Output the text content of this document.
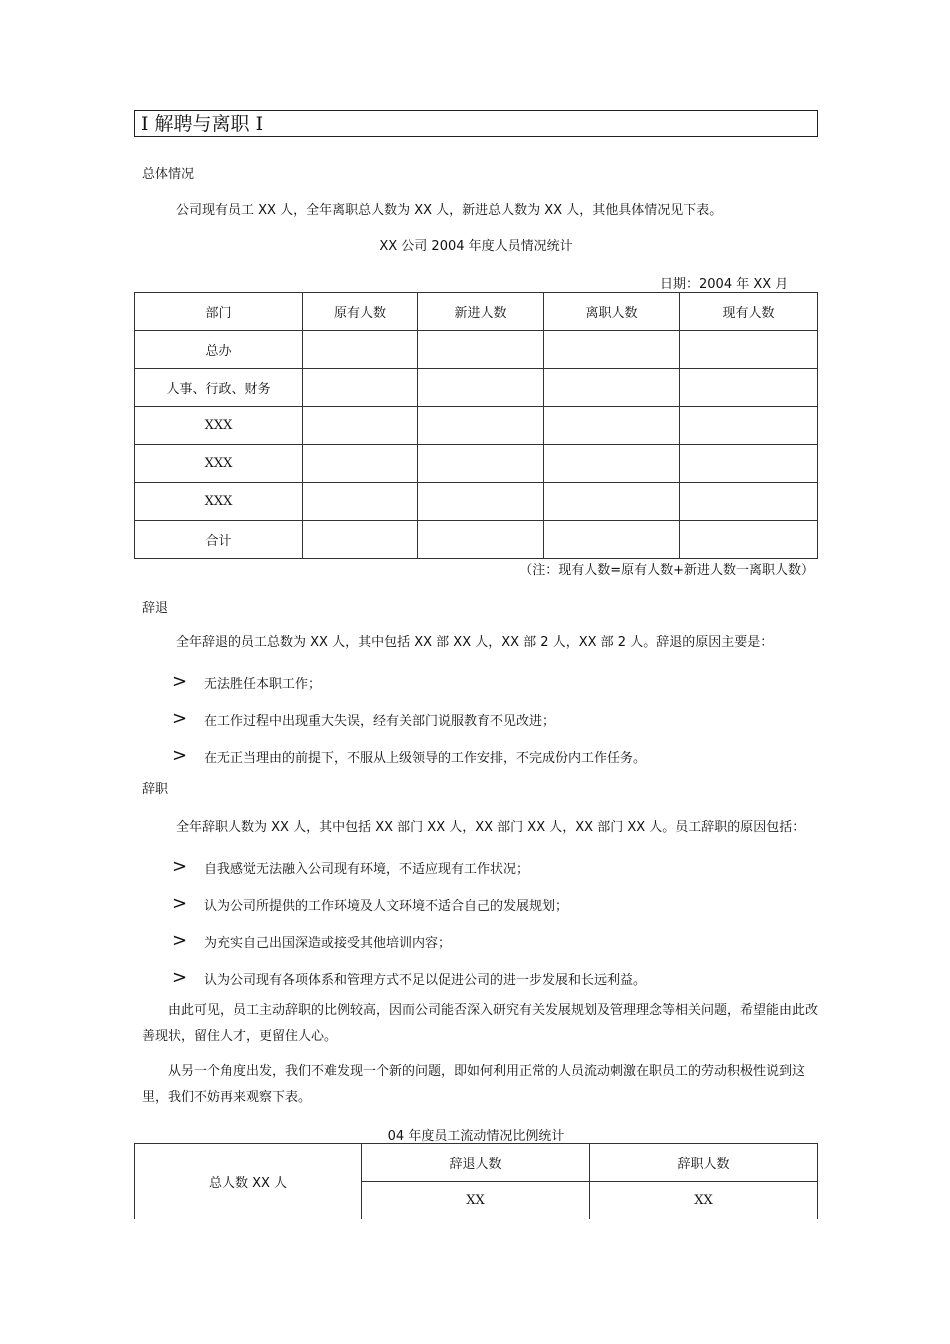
I 解聘与离职 I
总体情况
公司现有员工 XX 人，全年离职总人数为 XX 人，新进总人数为 XX 人，其他具体情况见下表。
XX 公司 2004 年度人员情况统计
日期：2004 年 XX 月
部门	原有人数	新进人数	离职人数	现有人数
总办				
人事、行政、财务				
XXX				
XXX				
XXX				
合计				
（注：现有人数=原有人数+新进人数一离职人数）
辞退
全年辞退的员工总数为 XX 人，其中包括 XX 部 XX 人，XX 部 2 人，XX 部 2 人。辞退的原因主要是：
> 无法胜任本职工作；
> 在工作过程中出现重大失误，经有关部门说服教育不见改进；
> 在无正当理由的前提下，不服从上级领导的工作安排，不完成份内工作任务。
辞职
全年辞职人数为 XX 人，其中包括 XX 部门 XX 人，XX 部门 XX 人，XX 部门 XX 人。员工辞职的原因包括：
> 自我感觉无法融入公司现有环境，不适应现有工作状况；
> 认为公司所提供的工作环境及人文环境不适合自己的发展规划；
> 为充实自己出国深造或接受其他培训内容；
> 认为公司现有各项体系和管理方式不足以促进公司的进一步发展和长远利益。
由此可见，员工主动辞职的比例较高，因而公司能否深入研究有关发展规划及管理理念等相关问题，希望能由此改善现状，留住人才，更留住人心。
从另一个角度出发，我们不难发现一个新的问题，即如何利用正常的人员流动刺激在职员工的劳动积极性说到这里，我们不妨再来观察下表。
04 年度员工流动情况比例统计
总人数 XX 人	辞退人数	辞职人数
	XX	XX
